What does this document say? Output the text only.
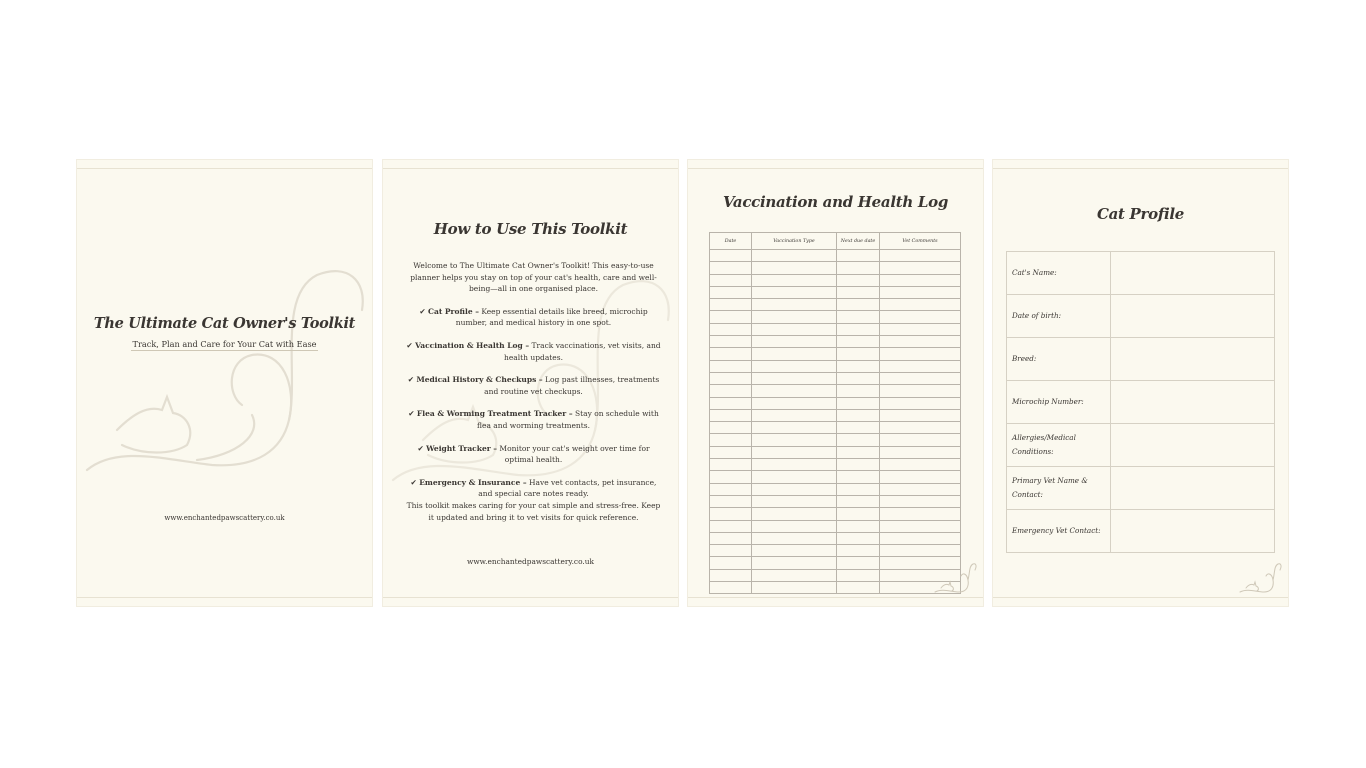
The Ultimate Cat Owner's Toolkit
Track, Plan and Care for Your Cat with Ease
www.enchantedpawscattery.co.uk
How to Use This Toolkit

Welcome to The Ultimate Cat Owner's Toolkit! This easy-to-use planner helps you stay on top of your cat's health, care and well-being—all in one organised place.

✔ Cat Profile – Keep essential details like breed, microchip number, and medical history in one spot.

✔ Vaccination & Health Log – Track vaccinations, vet visits, and health updates.

✔ Medical History & Checkups – Log past illnesses, treatments and routine vet checkups.

✔ Flea & Worming Treatment Tracker – Stay on schedule with flea and worming treatments.

✔ Weight Tracker – Monitor your cat's weight over time for optimal health.

✔ Emergency & Insurance – Have vet contacts, pet insurance, and special care notes ready.

This toolkit makes caring for your cat simple and stress-free. Keep it updated and bring it to vet visits for quick reference.

www.enchantedpawscattery.co.uk
Vaccination and Health Log
Date	Vaccination Type	Next due date	Vet Comments

Cat Profile
Cat's Name:	
Date of birth:	
Breed:	
Microchip Number:	
Allergies/Medical Conditions:	
Primary Vet Name & Contact:	
Emergency Vet Contact:	
